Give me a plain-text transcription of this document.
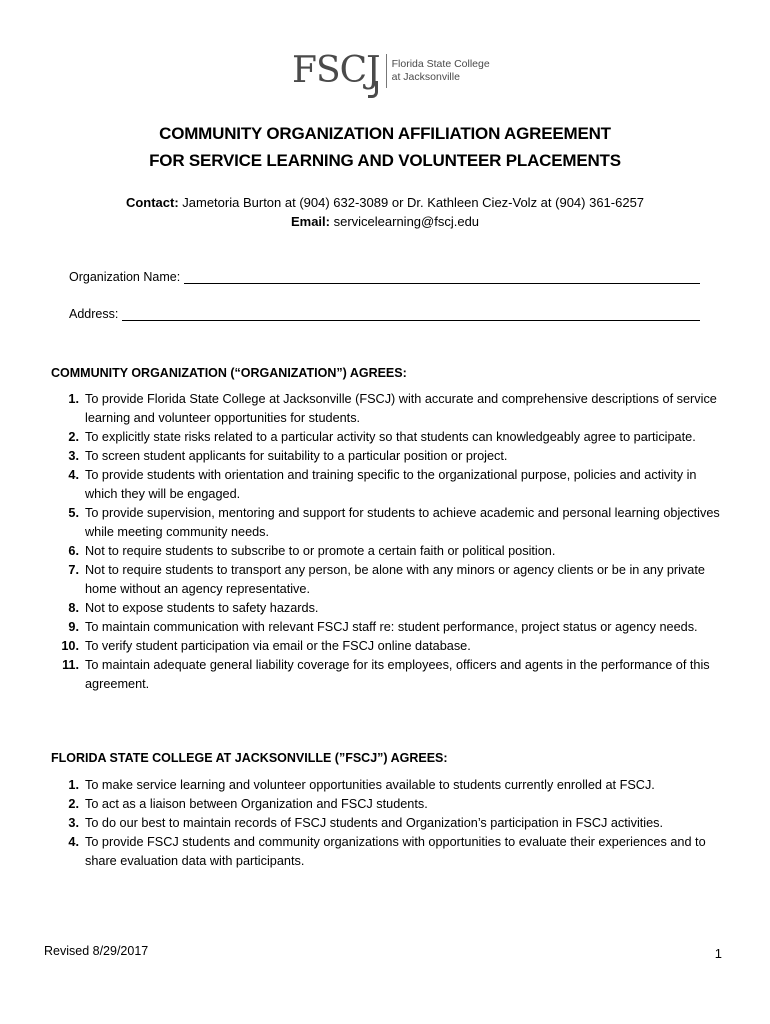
FSCJ Florida State College
at Jacksonville
COMMUNITY ORGANIZATION AFFILIATION AGREEMENT
FOR SERVICE LEARNING AND VOLUNTEER PLACEMENTS
Contact: Jametoria Burton at (904) 632-3089 or Dr. Kathleen Ciez-Volz at (904) 361-6257
Email: servicelearning@fscj.edu
Organization Name:
Address:
COMMUNITY ORGANIZATION (“ORGANIZATION”) AGREES:
1. To provide Florida State College at Jacksonville (FSCJ) with accurate and comprehensive descriptions of service learning and volunteer opportunities for students.
2. To explicitly state risks related to a particular activity so that students can knowledgeably agree to participate.
3. To screen student applicants for suitability to a particular position or project.
4. To provide students with orientation and training specific to the organizational purpose, policies and activity in which they will be engaged.
5. To provide supervision, mentoring and support for students to achieve academic and personal learning objectives while meeting community needs.
6. Not to require students to subscribe to or promote a certain faith or political position.
7. Not to require students to transport any person, be alone with any minors or agency clients or be in any private home without an agency representative.
8. Not to expose students to safety hazards.
9. To maintain communication with relevant FSCJ staff re: student performance, project status or agency needs.
10. To verify student participation via email or the FSCJ online database.
11. To maintain adequate general liability coverage for its employees, officers and agents in the performance of this agreement.
FLORIDA STATE COLLEGE AT JACKSONVILLE (”FSCJ”) AGREES:
1. To make service learning and volunteer opportunities available to students currently enrolled at FSCJ.
2. To act as a liaison between Organization and FSCJ students.
3. To do our best to maintain records of FSCJ students and Organization’s participation in FSCJ activities.
4. To provide FSCJ students and community organizations with opportunities to evaluate their experiences and to share evaluation data with participants.
Revised 8/29/2017	1
